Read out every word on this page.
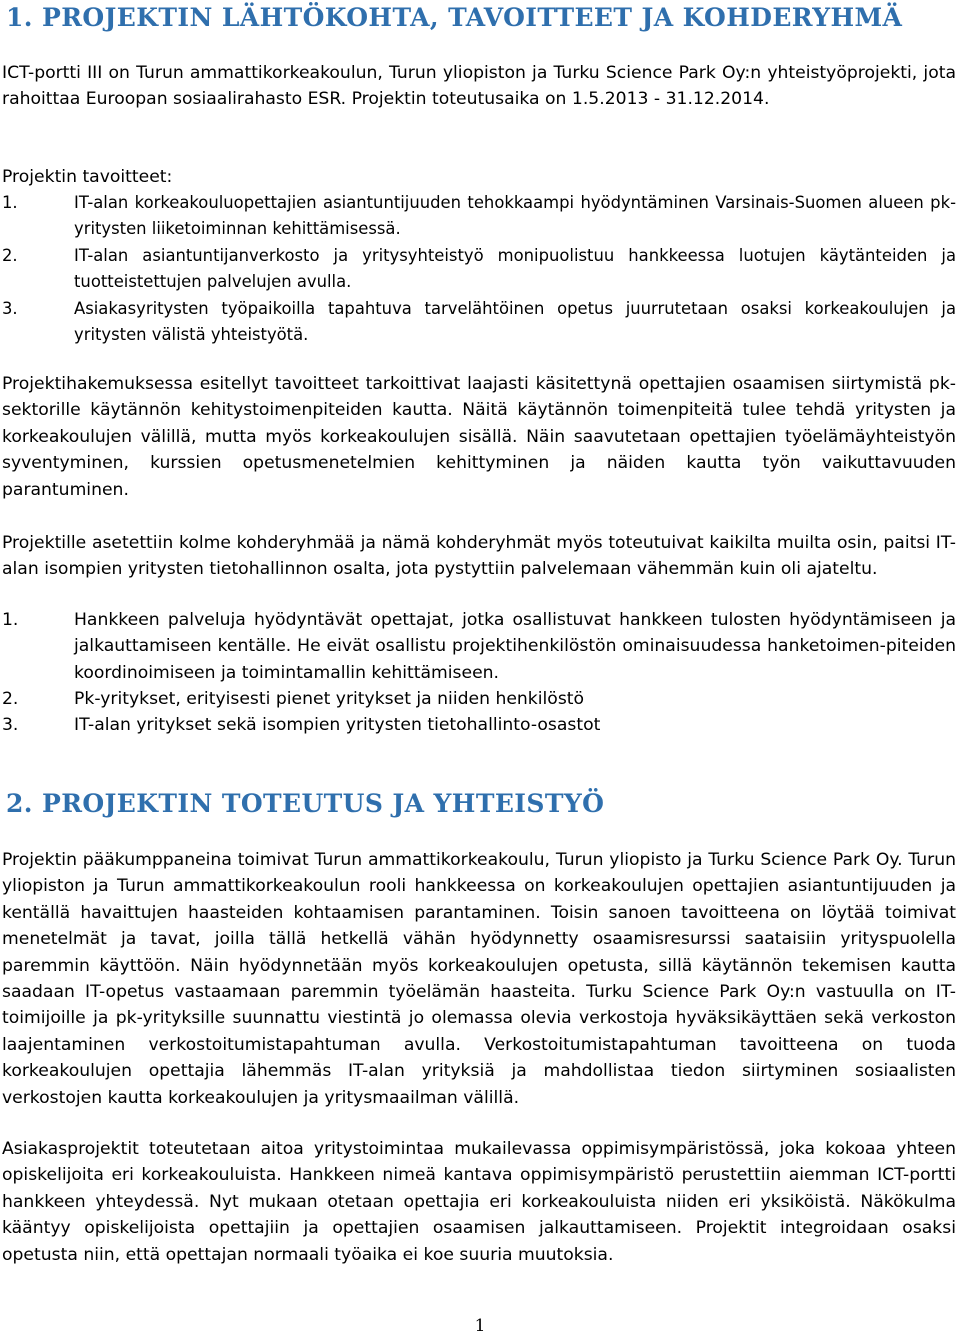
1. PROJEKTIN LÄHTÖKOHTA, TAVOITTEET JA KOHDERYHMÄ

ICT-portti III on Turun ammattikorkeakoulun, Turun yliopiston ja Turku Science Park Oy:n yhteistyöprojekti, jota rahoittaa Euroopan sosiaalirahasto ESR. Projektin toteutusaika on 1.5.2013 - 31.12.2014.

Projektin tavoitteet:

1.	IT-alan korkeakouluopettajien asiantuntijuuden tehokkaampi hyödyntäminen Varsinais-Suomen alueen pk-yritysten liiketoiminnan kehittämisessä.
2.	IT-alan asiantuntijanverkosto ja yritysyhteistyö monipuolistuu hankkeessa luotujen käytänteiden ja tuotteistettujen palvelujen avulla.
3.	Asiakasyritysten työpaikoilla tapahtuva tarvelähtöinen opetus juurrutetaan osaksi korkeakoulujen ja yritysten välistä yhteistyötä.

Projektihakemuksessa esitellyt tavoitteet tarkoittivat laajasti käsitettynä opettajien osaamisen siirtymistä pk-sektorille käytännön kehitystoimenpiteiden kautta. Näitä käytännön toimenpiteitä tulee tehdä yritysten ja korkeakoulujen välillä, mutta myös korkeakoulujen sisällä. Näin saavutetaan opettajien työelämäyhteistyön syventyminen, kurssien opetusmenetelmien kehittyminen ja näiden kautta työn vaikuttavuuden parantuminen.

Projektille asetettiin kolme kohderyhmää ja nämä kohderyhmät myös toteutuivat kaikilta muilta osin, paitsi IT-alan isompien yritysten tietohallinnon osalta, jota pystyttiin palvelemaan vähemmän kuin oli ajateltu.

1.	Hankkeen palveluja hyödyntävät opettajat, jotka osallistuvat hankkeen tulosten hyödyntämiseen ja jalkauttamiseen kentälle. He eivät osallistu projektihenkilöstön ominaisuudessa hanketoimen-piteiden koordinoimiseen ja toimintamallin kehittämiseen.
2.	Pk-yritykset, erityisesti pienet yritykset ja niiden henkilöstö
3.	IT-alan yritykset sekä isompien yritysten tietohallinto-osastot
2. PROJEKTIN TOTEUTUS JA YHTEISTYÖ

Projektin pääkumppaneina toimivat Turun ammattikorkeakoulu, Turun yliopisto ja Turku Science Park Oy. Turun yliopiston ja Turun ammattikorkeakoulun rooli hankkeessa on korkeakoulujen opettajien asiantuntijuuden ja kentällä havaittujen haasteiden kohtaamisen parantaminen. Toisin sanoen tavoitteena on löytää toimivat menetelmät ja tavat, joilla tällä hetkellä vähän hyödynnetty osaamisresurssi saataisiin yrityspuolella paremmin käyttöön. Näin hyödynnetään myös korkeakoulujen opetusta, sillä käytännön tekemisen kautta saadaan IT-opetus vastaamaan paremmin työelämän haasteita. Turku Science Park Oy:n vastuulla on IT-toimijoille ja pk-yrityksille suunnattu viestintä jo olemassa olevia verkostoja hyväksikäyttäen sekä verkoston laajentaminen verkostoitumistapahtuman avulla. Verkostoitumistapahtuman tavoitteena on tuoda korkeakoulujen opettajia lähemmäs IT-alan yrityksiä ja mahdollistaa tiedon siirtyminen sosiaalisten verkostojen kautta korkeakoulujen ja yritysmaailman välillä.

Asiakasprojektit toteutetaan aitoa yritystoimintaa mukailevassa oppimisympäristössä, joka kokoaa yhteen opiskelijoita eri korkeakouluista. Hankkeen nimeä kantava oppimisympäristö perustettiin aiemman ICT-portti hankkeen yhteydessä. Nyt mukaan otetaan opettajia eri korkeakouluista niiden eri yksiköistä. Näkökulma kääntyy opiskelijoista opettajiin ja opettajien osaamisen jalkauttamiseen. Projektit integroidaan osaksi opetusta niin, että opettajan normaali työaika ei koe suuria muutoksia.

1
